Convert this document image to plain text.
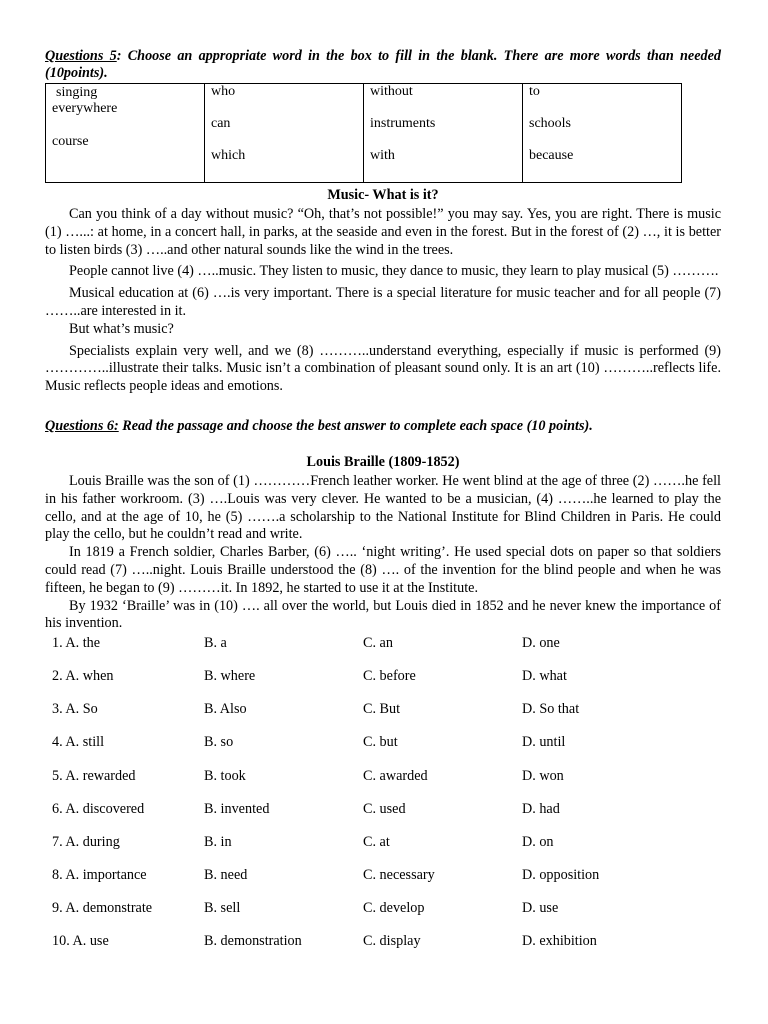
Questions 5: Choose an appropriate word in the box to fill in the blank. There are more words than needed (10points).
singing
everywhere
course

who
can
which

without
instruments
with

to
schools
because
Music- What is it?

Can you think of a day without music? “Oh, that’s not possible!” you may say. Yes, you are right. There is music (1) …...: at home, in a concert hall, in parks, at the seaside and even in the forest. But in the forest of (2) …, it is better to listen birds (3) …..and other natural sounds like the wind in the trees.

People cannot live (4) …..music. They listen to music, they dance to music, they learn to play musical (5) ……….

Musical education at (6) ….is very important. There is a special literature for music teacher and for all people (7) ……..are interested in it.

But what’s music?

Specialists explain very well, and we (8) ………..understand everything, especially if music is performed (9) …………..illustrate their talks. Music isn’t a combination of pleasant sound only. It is an art (10) ………..reflects life. Music reflects people ideas and emotions.

Questions 6: Read the passage and choose the best answer to complete each space (10 points).
Louis Braille (1809-1852)

Louis Braille was the son of (1) …………French leather worker. He went blind at the age of three (2) …….he fell in his father workroom. (3) ….Louis was very clever. He wanted to be a musician, (4) ……..he learned to play the cello, and at the age of 10, he (5) …….a scholarship to the National Institute for Blind Children in Paris. He could play the cello, but he couldn’t read and write.

In 1819 a French soldier, Charles Barber, (6) ….. ‘night writing’. He used special dots on paper so that soldiers could read (7) …..night. Louis Braille understood the (8) …. of the invention for the blind people and when he was fifteen, he began to (9) ………it. In 1892, he started to use it at the Institute.

By 1932 ‘Braille’ was in (10) …. all over the world, but Louis died in 1852 and he never knew the importance of his invention.

1. A. the	B. a	C. an	D. one
2. A. when	B. where	C. before	D. what
3. A. So	B. Also	C. But	D. So that
4. A. still	B. so	C. but	D. until
5. A. rewarded	B. took	C. awarded	D. won
6. A. discovered	B. invented	C. used	D. had
7. A. during	B. in	C. at	D. on
8. A. importance	B. need	C. necessary	D. opposition
9. A. demonstrate	B. sell	C. develop	D. use
10. A. use	B. demonstration	C. display	D. exhibition
